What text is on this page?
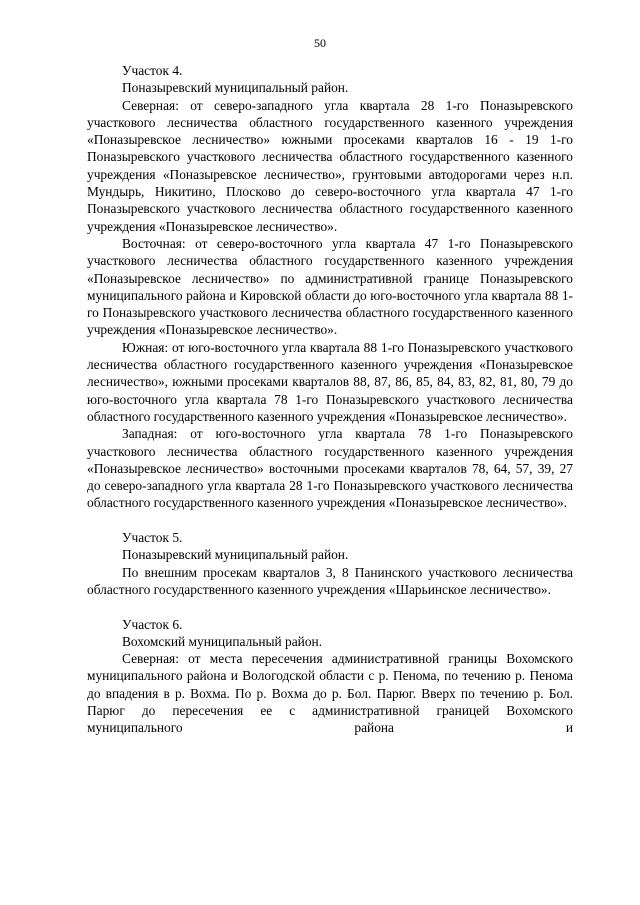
50

Участок 4.

Поназыревский муниципальный район.

Северная: от северо-западного угла квартала 28 1-го Поназыревского участкового лесничества областного государственного казенного учреждения «Поназыревское лесничество» южными просеками кварталов 16 - 19 1-го Поназыревского участкового лесничества областного государственного казенного учреждения «Поназыревское лесничество», грунтовыми автодорогами через н.п. Мундырь, Никитино, Плосково до северо-восточного угла квартала 47 1-го Поназыревского участкового лесничества областного государственного казенного учреждения «Поназыревское лесничество».

Восточная: от северо-восточного угла квартала 47 1-го Поназыревского участкового лесничества областного государственного казенного учреждения «Поназыревское лесничество» по административной границе Поназыревского муниципального района и Кировской области до юго-восточного угла квартала 88 1-го Поназыревского участкового лесничества областного государственного казенного учреждения «Поназыревское лесничество».

Южная: от юго-восточного угла квартала 88 1-го Поназыревского участкового лесничества областного государственного казенного учреждения «Поназыревское лесничество», южными просеками кварталов 88, 87, 86, 85, 84, 83, 82, 81, 80, 79 до юго-восточного угла квартала 78 1-го Поназыревского участкового лесничества областного государственного казенного учреждения «Поназыревское лесничество».

Западная: от юго-восточного угла квартала 78 1-го Поназыревского участкового лесничества областного государственного казенного учреждения «Поназыревское лесничество» восточными просеками кварталов 78, 64, 57, 39, 27 до северо-западного угла квартала 28 1-го Поназыревского участкового лесничества областного государственного казенного учреждения «Поназыревское лесничество».

Участок 5.

Поназыревский муниципальный район.

По внешним просекам кварталов 3, 8 Панинского участкового лесничества областного государственного казенного учреждения «Шарьинское лесничество».

Участок 6.

Вохомский муниципальный район.

Северная: от места пересечения административной границы Вохомского муниципального района и Вологодской области с р. Пенома, по течению р. Пенома до впадения в р. Вохма. По р. Вохма до р. Бол. Парюг. Вверх по течению р. Бол. Парюг до пересечения ее с административной границей Вохомского муниципального района и
